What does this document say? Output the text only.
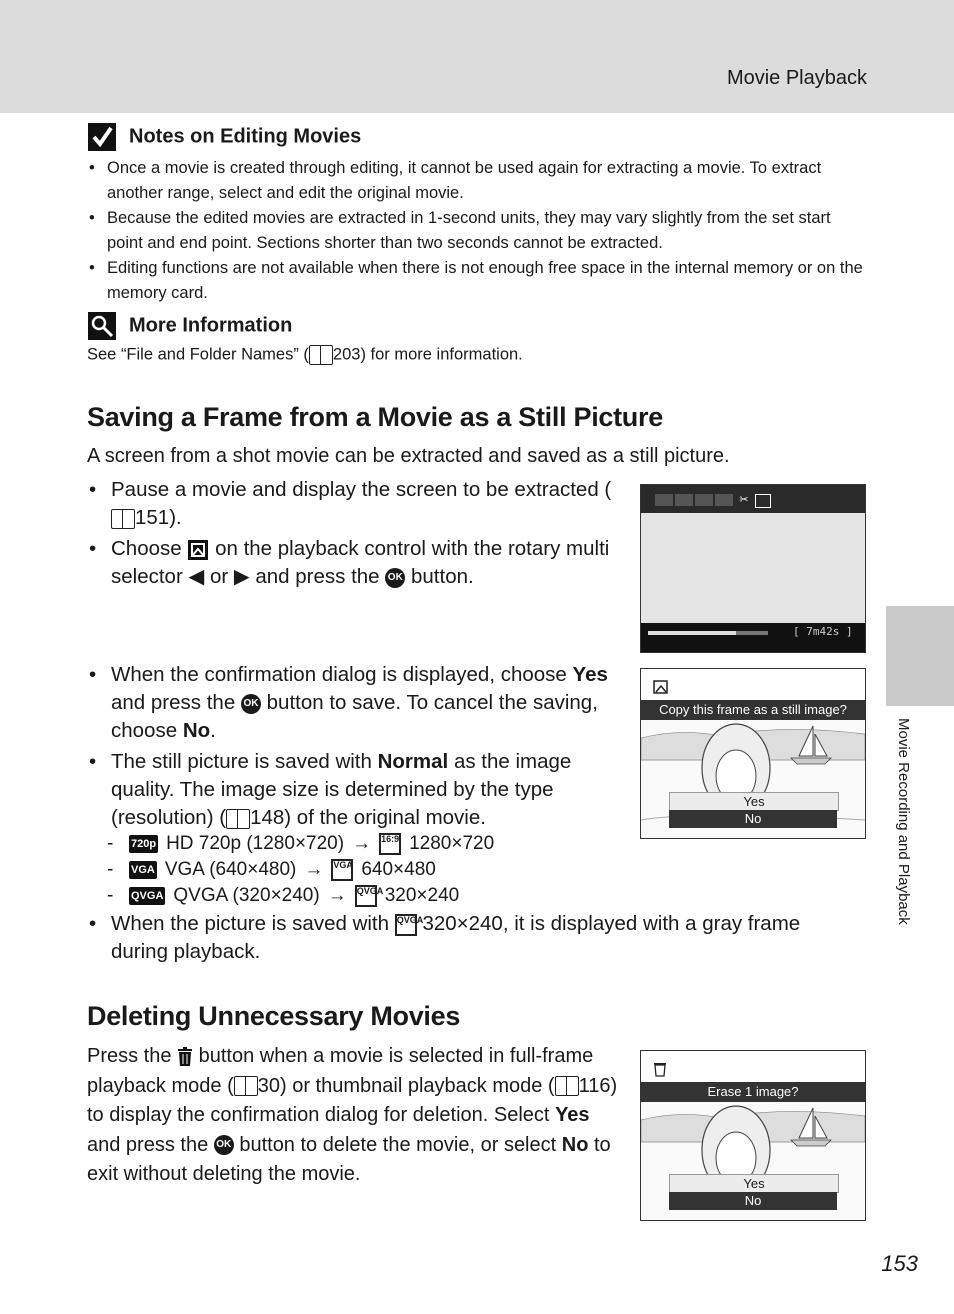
Movie Playback
Movie Recording and Playback
Notes on Editing Movies
• Once a movie is created through editing, it cannot be used again for extracting a movie. To extract another range, select and edit the original movie.
• Because the edited movies are extracted in 1-second units, they may vary slightly from the set start point and end point. Sections shorter than two seconds cannot be extracted.
• Editing functions are not available when there is not enough free space in the internal memory or on the memory card.
More Information
See “File and Folder Names” ( 203) for more information.
Saving a Frame from a Movie as a Still Picture
A screen from a shot movie can be extracted and saved as a still picture.
• Pause a movie and display the screen to be extracted (151).
• Choose on the playback control with the rotary multi selector ◀ or ▶ and press the OK button.
✂
[ 7m42s ]
• When the confirmation dialog is displayed, choose Yes and press the OK button to save. To cancel the saving, choose No.
• The still picture is saved with Normal as the image quality. The image size is determined by the type (resolution) ( 148) of the original movie.
Copy this frame as a still image?
Yes
No
-	720p HD 720p (1280×720) → 16:9 1280×720
-	VGA VGA (640×480) → VGA 640×480
-	QVGA QVGA (320×240) → QVGA 320×240
• When the picture is saved with QVGA 320×240, it is displayed with a gray frame during playback.
Deleting Unnecessary Movies
Press the button when a movie is selected in full-frame playback mode ( 30) or thumbnail playback mode ( 116) to display the confirmation dialog for deletion. Select Yes and press the OK button to delete the movie, or select No to exit without deleting the movie.
Erase 1 image?
Yes
No
153
